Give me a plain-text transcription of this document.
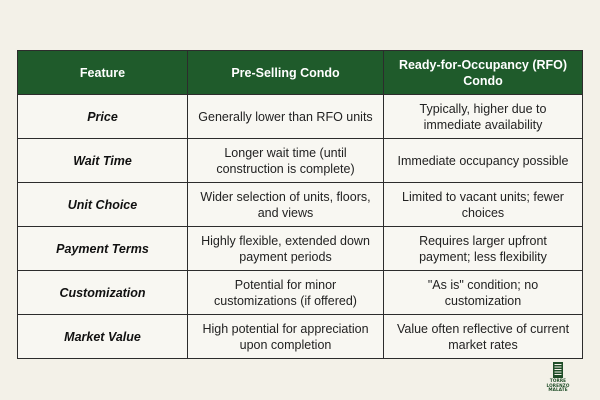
Feature	Pre-Selling Condo	Ready-for-Occupancy (RFO)
Condo
Price	Generally lower than RFO units	Typically, higher due to immediate availability
Wait Time	Longer wait time (until construction is complete)	Immediate occupancy possible
Unit Choice	Wider selection of units, floors, and views	Limited to vacant units; fewer choices
Payment Terms	Highly flexible, extended down payment periods	Requires larger upfront payment; less flexibility
Customization	Potential for minor customizations (if offered)	"As is" condition; no customization
Market Value	High potential for appreciation upon completion	Value often reflective of current market rates
TORRE
LORENZO
MALATE
